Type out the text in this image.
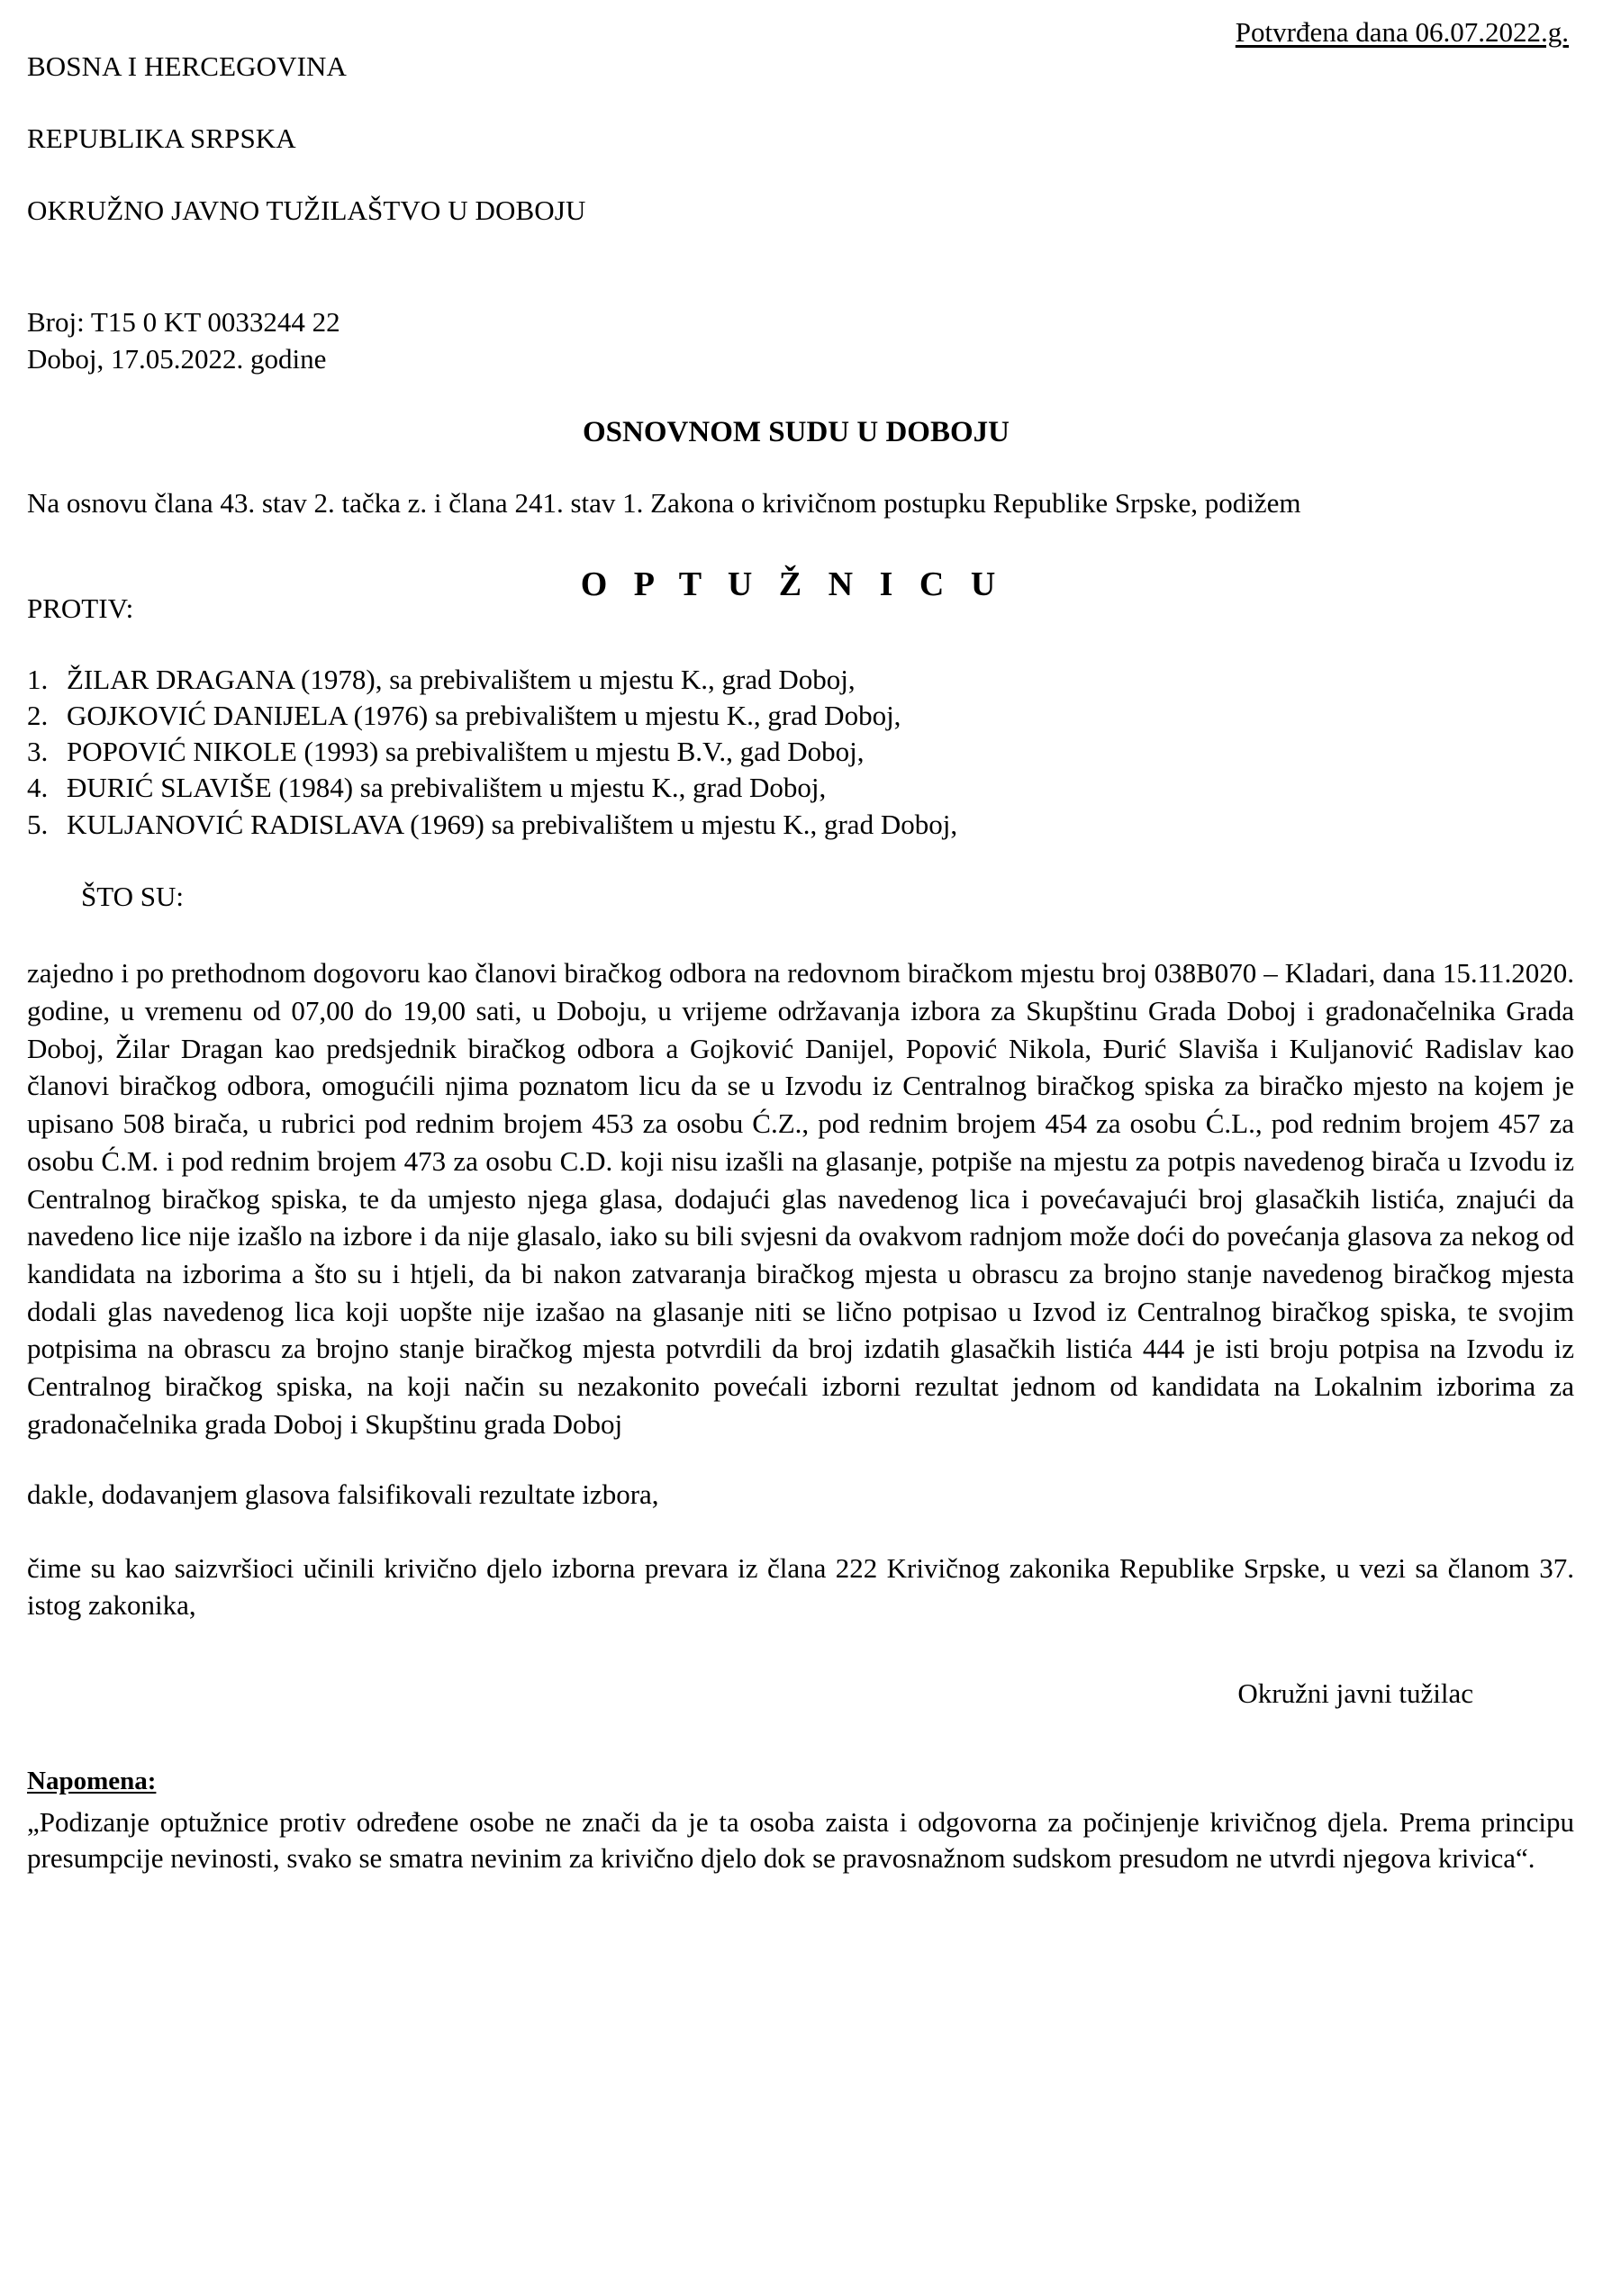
BOSNA I HERCEGOVINA

REPUBLIKA SRPSKA

OKRUŽNO JAVNO TUŽILAŠTVO U DOBOJU

Potvrđena dana 06.07.2022.g.
Broj: T15 0 KT 0033244 22
Doboj, 17.05.2022. godine
OSNOVNOM SUDU U DOBOJU
Na osnovu člana 43. stav 2. tačka z. i člana 241. stav 1. Zakona o krivičnom postupku Republike Srpske, podižem
O P T U Ž N I C U
PROTIV:
1. ŽILAR DRAGANA (1978), sa prebivalištem u mjestu K., grad Doboj,
2. GOJKOVIĆ DANIJELA (1976) sa prebivalištem u mjestu K., grad Doboj,
3. POPOVIĆ NIKOLE (1993) sa prebivalištem u mjestu B.V., gad Doboj,
4. ĐURIĆ SLAVIŠE (1984) sa prebivalištem u mjestu K., grad Doboj,
5. KULJANOVIĆ RADISLAVA (1969) sa prebivalištem u mjestu K., grad Doboj,
ŠTO SU:
zajedno i po prethodnom dogovoru kao članovi biračkog odbora na redovnom biračkom mjestu broj 038B070 – Kladari, dana 15.11.2020. godine, u vremenu od 07,00 do 19,00 sati, u Doboju, u vrijeme održavanja izbora za Skupštinu Grada Doboj i gradonačelnika Grada Doboj, Žilar Dragan kao predsjednik biračkog odbora a Gojković Danijel, Popović Nikola, Đurić Slaviša i Kuljanović Radislav kao članovi biračkog odbora, omogućili njima poznatom licu da se u Izvodu iz Centralnog biračkog spiska za biračko mjesto na kojem je upisano 508 birača, u rubrici pod rednim brojem 453 za osobu Ć.Z., pod rednim brojem 454 za osobu Ć.L., pod rednim brojem 457 za osobu Ć.M. i pod rednim brojem 473 za osobu C.D. koji nisu izašli na glasanje, potpiše na mjestu za potpis navedenog birača u Izvodu iz Centralnog biračkog spiska, te da umjesto njega glasa, dodajući glas navedenog lica i povećavajući broj glasačkih listića, znajući da navedeno lice nije izašlo na izbore i da nije glasalo, iako su bili svjesni da ovakvom radnjom može doći do povećanja glasova za nekog od kandidata na izborima a što su i htjeli, da bi nakon zatvaranja biračkog mjesta u obrascu za brojno stanje navedenog biračkog mjesta dodali glas navedenog lica koji uopšte nije izašao na glasanje niti se lično potpisao u Izvod iz Centralnog biračkog spiska, te svojim potpisima na obrascu za brojno stanje biračkog mjesta potvrdili da broj izdatih glasačkih listića 444 je isti broju potpisa na Izvodu iz Centralnog biračkog spiska, na koji način su nezakonito povećali izborni rezultat jednom od kandidata na Lokalnim izborima za gradonačelnika grada Doboj i Skupštinu grada Doboj
dakle, dodavanjem glasova falsifikovali rezultate izbora,
čime su kao saizvršioci učinili krivično djelo izborna prevara iz člana 222 Krivičnog zakonika Republike Srpske, u vezi sa članom 37. istog zakonika,
Okružni javni tužilac
Napomena:
„Podizanje optužnice protiv određene osobe ne znači da je ta osoba zaista i odgovorna za počinjenje krivičnog djela. Prema principu presumpcije nevinosti, svako se smatra nevinim za krivično djelo dok se pravosnažnom sudskom presudom ne utvrdi njegova krivica“.
